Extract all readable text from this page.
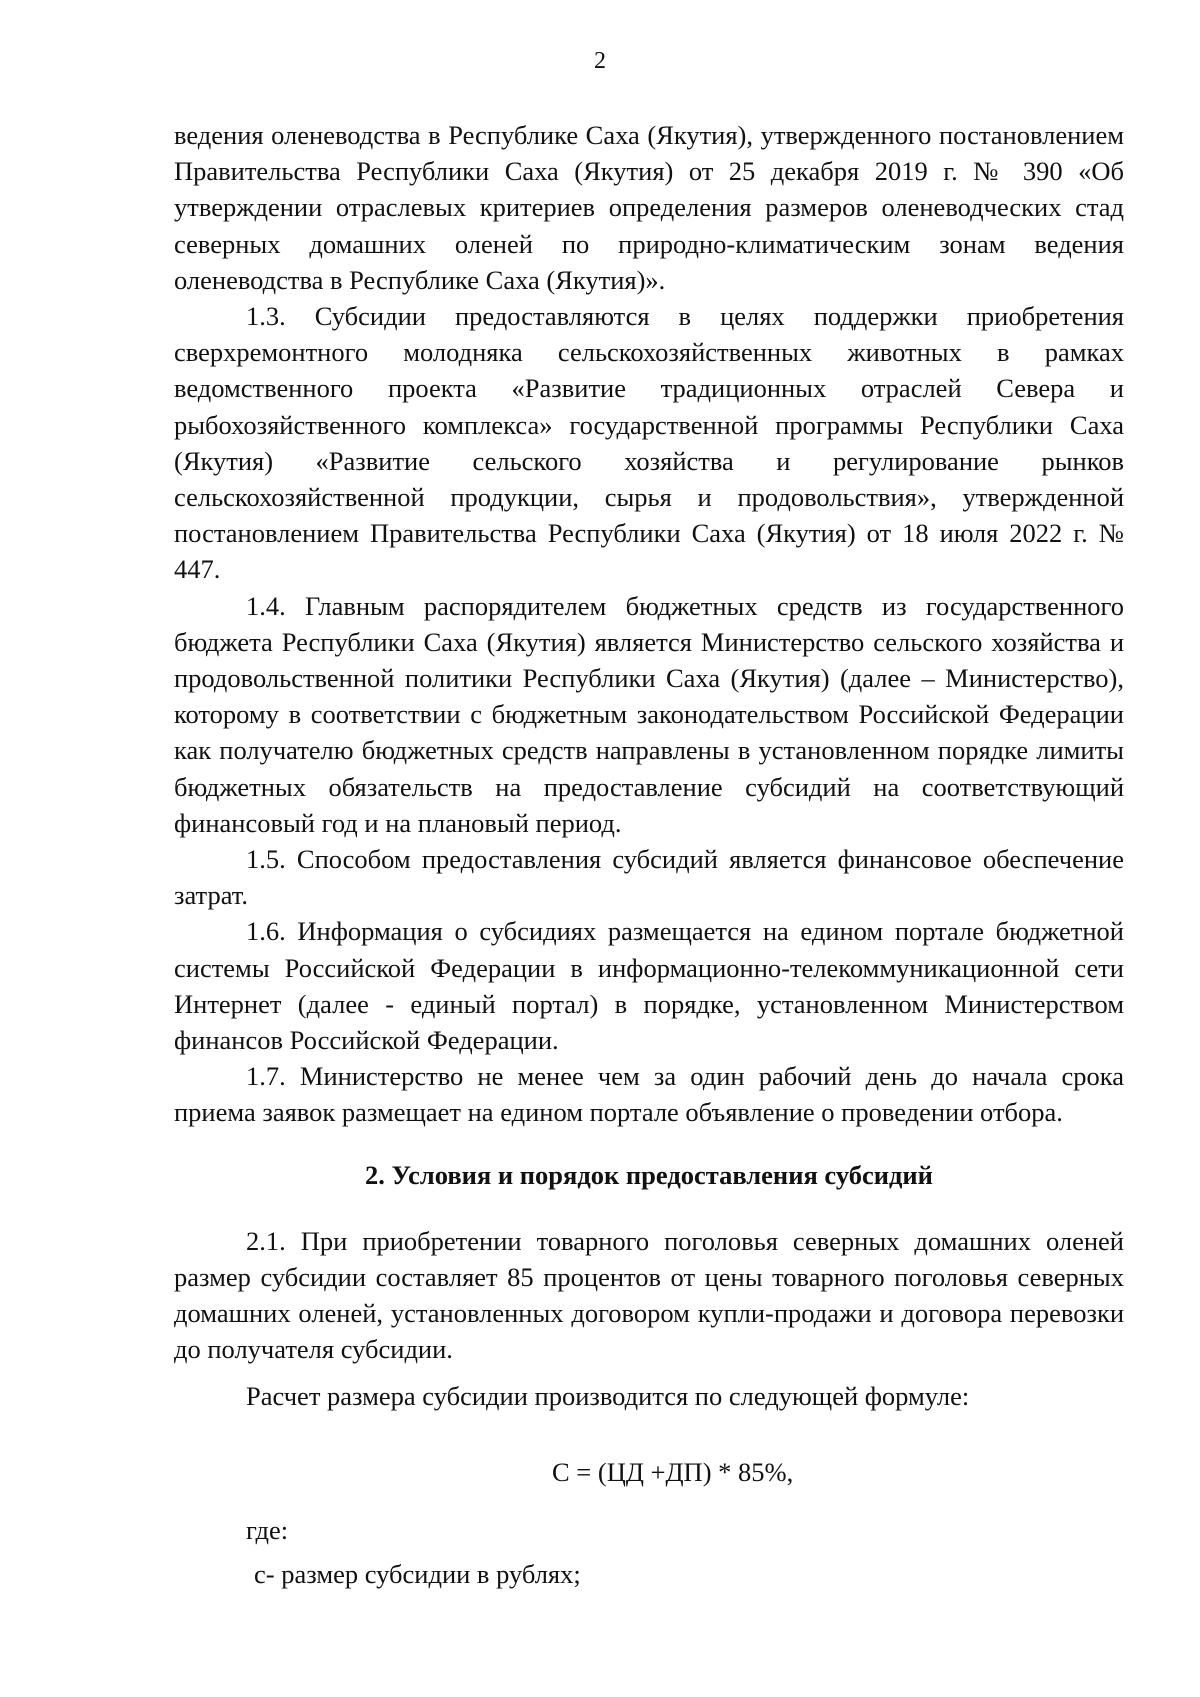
2

ведения оленеводства в Республике Саха (Якутия), утвержденного постановлением Правительства Республики Саха (Якутия) от 25 декабря 2019 г. № 390 «Об утверждении отраслевых критериев определения размеров оленеводческих стад северных домашних оленей по природно-климатическим зонам ведения оленеводства в Республике Саха (Якутия)».

1.3. Субсидии предоставляются в целях поддержки приобретения сверхремонтного молодняка сельскохозяйственных животных в рамках ведомственного проекта «Развитие традиционных отраслей Севера и рыбохозяйственного комплекса» государственной программы Республики Саха (Якутия) «Развитие сельского хозяйства и регулирование рынков сельскохозяйственной продукции, сырья и продовольствия», утвержденной постановлением Правительства Республики Саха (Якутия) от 18 июля 2022 г. № 447.

1.4. Главным распорядителем бюджетных средств из государственного бюджета Республики Саха (Якутия) является Министерство сельского хозяйства и продовольственной политики Республики Саха (Якутия) (далее – Министерство), которому в соответствии с бюджетным законодательством Российской Федерации как получателю бюджетных средств направлены в установленном порядке лимиты бюджетных обязательств на предоставление субсидий на соответствующий финансовый год и на плановый период.

1.5. Способом предоставления субсидий является финансовое обеспечение затрат.

1.6. Информация о субсидиях размещается на едином портале бюджетной системы Российской Федерации в информационно-телекоммуникационной сети Интернет (далее - единый портал) в порядке, установленном Министерством финансов Российской Федерации.

1.7. Министерство не менее чем за один рабочий день до начала срока приема заявок размещает на едином портале объявление о проведении отбора.

2. Условия и порядок предоставления субсидий

2.1. При приобретении товарного поголовья северных домашних оленей размер субсидии составляет 85 процентов от цены товарного поголовья северных домашних оленей, установленных договором купли-продажи и договора перевозки до получателя субсидии.

Расчет размера субсидии производится по следующей формуле:

С = (ЦД +ДП) * 85%,

где:

с- размер субсидии в рублях;
